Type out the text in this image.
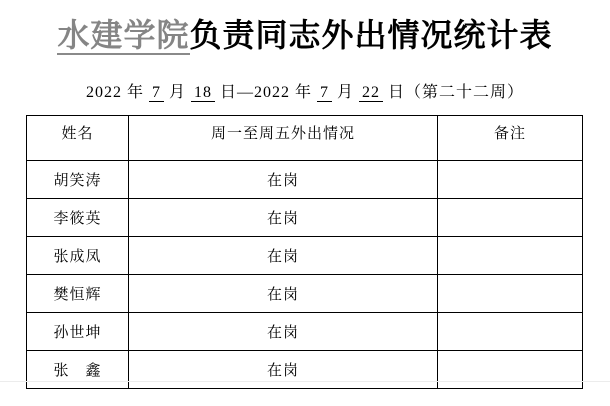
水建学院负责同志外出情况统计表
2022 年 7 月 18 日—2022 年 7 月 22 日（第二十二周）
姓名	周一至周五外出情况	备注
胡笑涛	在岗	
李筱英	在岗	
张成凤	在岗	
樊恒辉	在岗	
孙世坤	在岗	
张　鑫	在岗	
